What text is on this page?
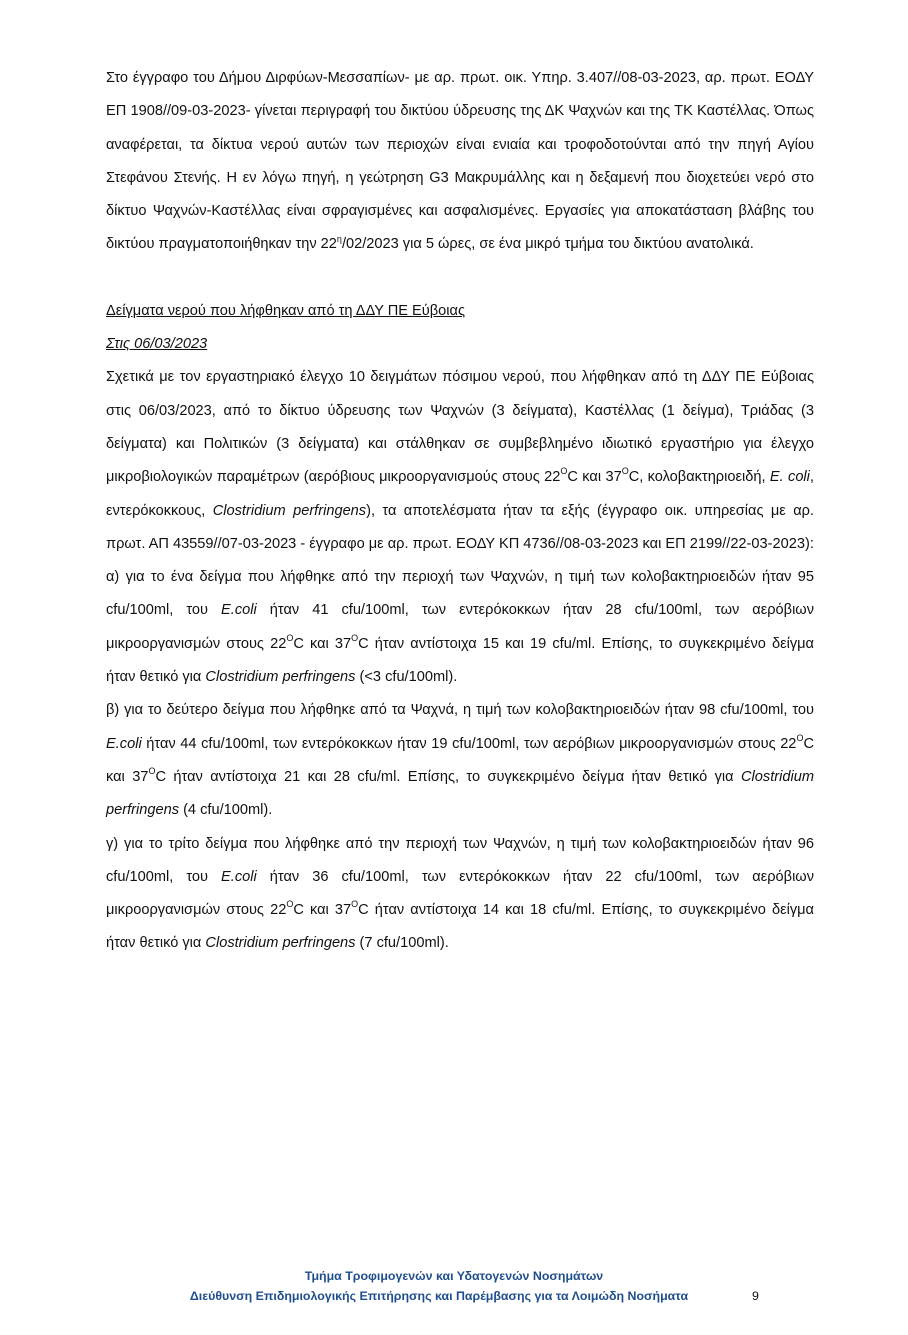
Στο έγγραφο του Δήμου Διρφύων-Μεσσαπίων- με αρ. πρωτ. οικ. Υπηρ. 3.407//08-03-2023, αρ. πρωτ. ΕΟΔΥ ΕΠ 1908//09-03-2023- γίνεται περιγραφή του δικτύου ύδρευσης της ΔΚ Ψαχνών και της ΤΚ Καστέλλας. Όπως αναφέρεται, τα δίκτυα νερού αυτών των περιοχών είναι ενιαία και τροφοδοτούνται από την πηγή Αγίου Στεφάνου Στενής. Η εν λόγω πηγή, η γεώτρηση G3 Μακρυμάλλης και η δεξαμενή που διοχετεύει νερό στο δίκτυο Ψαχνών-Καστέλλας είναι σφραγισμένες και ασφαλισμένες. Εργασίες για αποκατάσταση βλάβης του δικτύου πραγματοποιήθηκαν την $22^\eta/02/2023$ για 5 ώρες, σε ένα μικρό τμήμα του δικτύου ανατολικά.

Δείγματα νερού που λήφθηκαν από τη ΔΔΥ ΠΕ Εύβοιας

Στις 06/03/2023

Σχετικά με τον εργαστηριακό έλεγχο 10 δειγμάτων πόσιμου νερού, που λήφθηκαν από τη ΔΔΥ ΠΕ Εύβοιας στις 06/03/2023, από το δίκτυο ύδρευσης των Ψαχνών (3 δείγματα), Καστέλλας (1 δείγμα), Τριάδας (3 δείγματα) και Πολιτικών (3 δείγματα) και στάλθηκαν σε συμβεβλημένο ιδιωτικό εργαστήριο για έλεγχο μικροβιολογικών παραμέτρων (αερόβιους μικροοργανισμούς στους $22^OC$ και $37^OC$, κολοβακτηριοειδή, E. coli, εντερόκοκκους, Clostridium perfringens), τα αποτελέσματα ήταν τα εξής (έγγραφο οικ. υπηρεσίας με αρ. πρωτ. ΑΠ 43559//07-03-2023 - έγγραφο με αρ. πρωτ. ΕΟΔΥ ΚΠ 4736//08-03-2023 και ΕΠ 2199//22-03-2023):

α) για το ένα δείγμα που λήφθηκε από την περιοχή των Ψαχνών, η τιμή των κολοβακτηριοειδών ήταν 95 cfu/100ml, του E.coli ήταν 41 cfu/100ml, των εντερόκοκκων ήταν 28 cfu/100ml, των αερόβιων μικροοργανισμών στους $22^OC$ και $37^OC$ ήταν αντίστοιχα 15 και 19 cfu/ml. Επίσης, το συγκεκριμένο δείγμα ήταν θετικό για Clostridium perfringens (<3 cfu/100ml).

β) για το δεύτερο δείγμα που λήφθηκε από τα Ψαχνά, η τιμή των κολοβακτηριοειδών ήταν 98 cfu/100ml, του E.coli ήταν 44 cfu/100ml, των εντερόκοκκων ήταν 19 cfu/100ml, των αερόβιων μικροοργανισμών στους $22^OC$ και $37^OC$ ήταν αντίστοιχα 21 και 28 cfu/ml. Επίσης, το συγκεκριμένο δείγμα ήταν θετικό για Clostridium perfringens (4 cfu/100ml).

γ) για το τρίτο δείγμα που λήφθηκε από την περιοχή των Ψαχνών, η τιμή των κολοβακτηριοειδών ήταν 96 cfu/100ml, του E.coli ήταν 36 cfu/100ml, των εντερόκοκκων ήταν 22 cfu/100ml, των αερόβιων μικροοργανισμών στους $22^OC$ και $37^OC$ ήταν αντίστοιχα 14 και 18 cfu/ml. Επίσης, το συγκεκριμένο δείγμα ήταν θετικό για Clostridium perfringens (7 cfu/100ml).

Τμήμα Τροφιμογενών και Υδατογενών Νοσημάτων
Διεύθυνση Επιδημιολογικής Επιτήρησης και Παρέμβασης για τα Λοιμώδη Νοσήματα	9
